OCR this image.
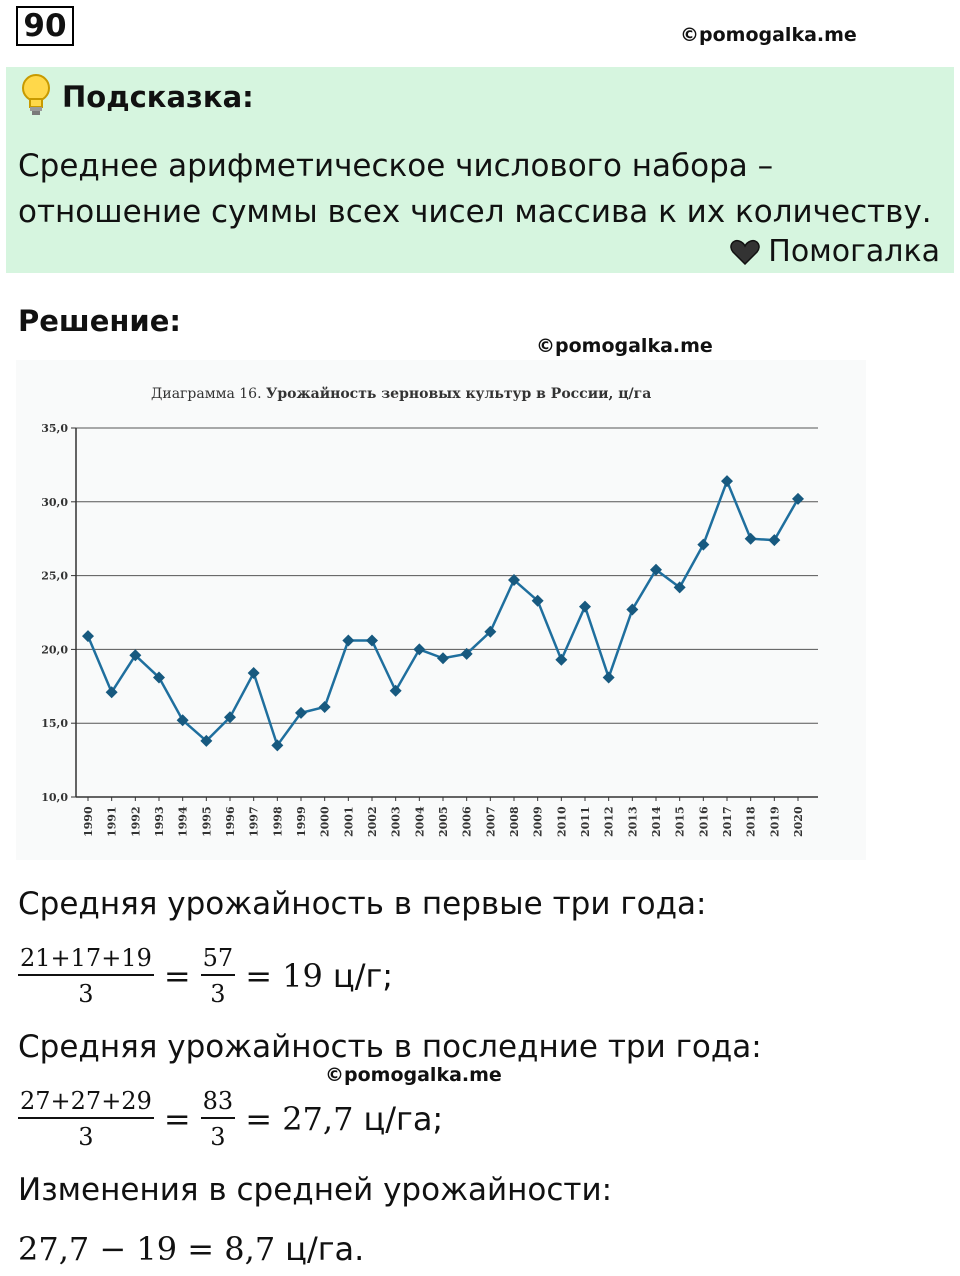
90	©pomogalka.me
Подсказка:
Среднее арифметическое числового набора – отношение суммы всех чисел массива к их количеству.
Помогалка
Решение:
©pomogalka.me
Диаграмма 16. Урожайность зерновых культур в России, ц/га
10,0
15,0
20,0
25,0
30,0
35,0
1990 1991 1992 1993 1994 1995 1996 1997 1998 1999 2000 2001 2002 2003 2004 2005 2006 2007 2008 2009 2010 2011 2012 2013 2014 2015 2016 2017 2018 2019 2020
Средняя урожайность в первые три года:
$\frac{21+17+19}{3} = \frac{57}{3} = 19$ ц/г;
Средняя урожайность в последние три года:
©pomogalka.me
$\frac{27+27+29}{3} = \frac{83}{3} = 27,7$ ц/га;
Изменения в средней урожайности:
27,7 − 19 = 8,7 ц/га.
